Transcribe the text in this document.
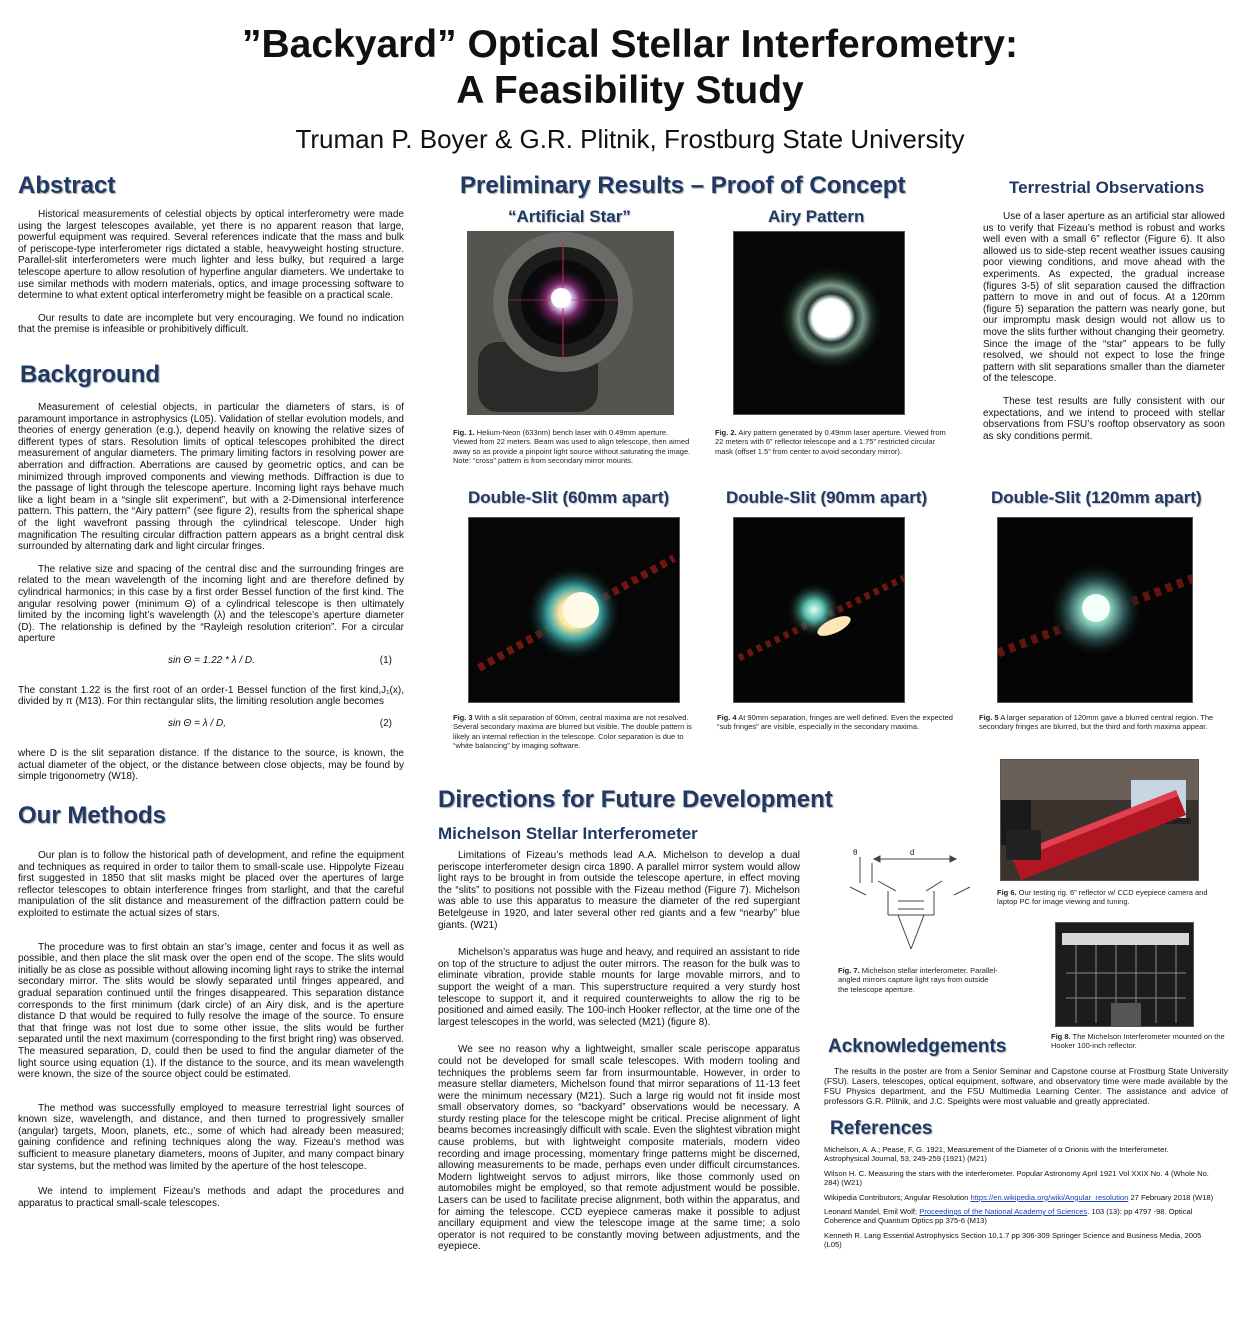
”Backyard” Optical Stellar Interferometry:
A Feasibility Study
Truman P. Boyer & G.R. Plitnik, Frostburg State University
Abstract

Historical measurements of celestial objects by optical interferometry were made using the largest telescopes available, yet there is no apparent reason that large, powerful equipment was required. Several references indicate that the mass and bulk of periscope-type interferometer rigs dictated a stable, heavyweight hosting structure. Parallel-slit interferometers were much lighter and less bulky, but required a large telescope aperture to allow resolution of hyperfine angular diameters. We undertake to use similar methods with modern materials, optics, and image processing software to determine to what extent optical interferometry might be feasible on a practical scale.

Our results to date are incomplete but very encouraging. We found no indication that the premise is infeasible or prohibitively difficult.

Background

Measurement of celestial objects, in particular the diameters of stars, is of paramount importance in astrophysics (L05). Validation of stellar evolution models, and theories of energy generation (e.g.), depend heavily on knowing the relative sizes of different types of stars. Resolution limits of optical telescopes prohibited the direct measurement of angular diameters. The primary limiting factors in resolving power are aberration and diffraction. Aberrations are caused by geometric optics, and can be minimized through improved components and viewing methods. Diffraction is due to the passage of light through the telescope aperture. Incoming light rays behave much like a light beam in a “single slit experiment”, but with a 2-Dimensional interference pattern. This pattern, the “Airy pattern” (see figure 2), results from the spherical shape of the light wavefront passing through the cylindrical telescope. Under high magnification The resulting circular diffraction pattern appears as a bright central disk surrounded by alternating dark and light circular fringes.

The relative size and spacing of the central disc and the surrounding fringes are related to the mean wavelength of the incoming light and are therefore defined by cylindrical harmonics; in this case by a first order Bessel function of the first kind. The angular resolving power (minimum Θ) of a cylindrical telescope is then ultimately limited by the incoming light’s wavelength (λ) and the telescope’s aperture diameter (D). The relationship is defined by the “Rayleigh resolution criterion”. For a circular aperture

sin Θ = 1.22 * λ / D.	(1)

The constant 1.22 is the first root of an order-1 Bessel function of the first kind,J₁(x), divided by π (M13). For thin rectangular slits, the limiting resolution angle becomes

sin Θ = λ / D,	(2)

where D is the slit separation distance. If the distance to the source, is known, the actual diameter of the object, or the distance between close objects, may be found by simple trigonometry (W18).

Our Methods

Our plan is to follow the historical path of development, and refine the equipment and techniques as required in order to tailor them to small-scale use. Hippolyte Fizeau first suggested in 1850 that slit masks might be placed over the apertures of large reflector telescopes to obtain interference fringes from starlight, and that the careful manipulation of the slit distance and measurement of the diffraction pattern could be exploited to estimate the actual sizes of stars.

The procedure was to first obtain an star’s image, center and focus it as well as possible, and then place the slit mask over the open end of the scope. The slits would initially be as close as possible without allowing incoming light rays to strike the internal secondary mirror. The slits would be slowly separated until fringes appeared, and gradual separation continued until the fringes disappeared. This separation distance corresponds to the first minimum (dark circle) of an Airy disk, and is the aperture distance D that would be required to fully resolve the image of the source. To ensure that that fringe was not lost due to some other issue, the slits would be further separated until the next maximum (corresponding to the first bright ring) was observed. The measured separation, D, could then be used to find the angular diameter of the light source using equation (1). If the distance to the source, and its mean wavelength were known, the size of the source object could be estimated.

The method was successfully employed to measure terrestrial light sources of known size, wavelength, and distance, and then turned to progressively smaller (angular) targets, Moon, planets, etc., some of which had already been measured; gaining confidence and refining techniques along the way. Fizeau’s method was sufficient to measure planetary diameters, moons of Jupiter, and many compact binary star systems, but the method was limited by the aperture of the host telescope.

We intend to implement Fizeau’s methods and adapt the procedures and apparatus to practical small-scale telescopes.

Preliminary Results – Proof of Concept
“Artificial Star”	Airy Pattern
Fig. 1. Helium-Neon (633nm) bench laser with 0.49mm aperture. Viewed from 22 meters. Beam was used to align telescope, then aimed away so as provide a pinpoint light source without saturating the image. Note: “cross” pattern is from secondary mirror mounts.
Fig. 2. Airy pattern generated by 0.49mm laser aperture. Viewed from 22 meters with 6” reflector telescope and a 1.75” restricted circular mask (offset 1.5” from center to avoid secondary mirror).
Double-Slit (60mm apart)	Double-Slit (90mm apart)	Double-Slit (120mm apart)
Fig. 3 With a slit separation of 60mm, central maxima are not resolved. Several secondary maxima are blurred but visible. The double pattern is likely an internal reflection in the telescope. Color separation is due to “white balancing” by imaging software.
Fig. 4 At 90mm separation, fringes are well defined. Even the expected “sub fringes” are visible, especially in the secondary maxima.
Fig. 5 A larger separation of 120mm gave a blurred central region. The secondary fringes are blurred, but the third and forth maxima appear.
Terrestrial Observations

Use of a laser aperture as an artificial star allowed us to verify that Fizeau’s method is robust and works well even with a small 6” reflector (Figure 6). It also allowed us to side-step recent weather issues causing poor viewing conditions, and move ahead with the experiments. As expected, the gradual increase (figures 3-5) of slit separation caused the diffraction pattern to move in and out of focus. At a 120mm (figure 5) separation the pattern was nearly gone, but our impromptu mask design would not allow us to move the slits further without changing their geometry. Since the image of the “star” appears to be fully resolved, we should not expect to lose the fringe pattern with slit separations smaller than the diameter of the telescope.

These test results are fully consistent with our expectations, and we intend to proceed with stellar observations from FSU’s rooftop observatory as soon as sky conditions permit.

Directions for Future Development
Michelson Stellar Interferometer

Limitations of Fizeau’s methods lead A.A. Michelson to develop a dual periscope interferometer design circa 1890. A parallel mirror system would allow light rays to be brought in from outside the telescope aperture, in effect moving the “slits” to positions not possible with the Fizeau method (Figure 7). Michelson was able to use this apparatus to measure the diameter of the red supergiant Betelgeuse in 1920, and later several other red giants and a few “nearby” blue giants. (W21)

Michelson’s apparatus was huge and heavy, and required an assistant to ride on top of the structure to adjust the outer mirrors. The reason for the bulk was to eliminate vibration, provide stable mounts for large movable mirrors, and to support the weight of a man. This superstructure required a very sturdy host telescope to support it, and it required counterweights to allow the rig to be positioned and aimed easily. The 100-inch Hooker reflector, at the time one of the largest telescopes in the world, was selected (M21) (figure 8).

We see no reason why a lightweight, smaller scale periscope apparatus could not be developed for small scale telescopes. With modern tooling and techniques the problems seem far from insurmountable. However, in order to measure stellar diameters, Michelson found that mirror separations of 11-13 feet were the minimum necessary (M21). Such a large rig would not fit inside most small observatory domes, so “backyard” observations would be necessary. A sturdy resting place for the telescope might be critical. Precise alignment of light beams becomes increasingly difficult with scale. Even the slightest vibration might cause problems, but with lightweight composite materials, modern video recording and image processing, momentary fringe patterns might be discerned, allowing measurements to be made, perhaps even under difficult circumstances. Modern lightweight servos to adjust mirrors, like those commonly used on automobiles might be employed, so that remote adjustment would be possible. Lasers can be used to facilitate precise alignment, both within the apparatus, and for aiming the telescope. CCD eyepiece cameras make it possible to adjust ancillary equipment and view the telescope image at the same time; a solo operator is not required to be constantly moving between adjustments, and the eyepiece.

θ	d
Fig. 7. Michelson stellar interferometer. Parallel-angled mirrors capture light rays from outside the telescope aperture.
Fig 6. Our testing rig. 6” reflector w/ CCD eyepiece camera and laptop PC for image viewing and tuning.
Fig 8. The Michelson Interferometer mounted on the Hooker 100-inch reflector.
Acknowledgements

The results in the poster are from a Senior Seminar and Capstone course at Frostburg State University (FSU). Lasers, telescopes, optical equipment, software, and observatory time were made available by the FSU Physics department, and the FSU Multimedia Learning Center. The assistance and advice of professors G.R. Plitnik, and J.C. Speights were most valuable and greatly appreciated.

References
Michelson, A. A.; Pease, F. G. 1921, Measurement of the Diameter of α Orionis with the Interferometer. Astrophysical Journal, 53, 249-259 (1921) (M21)
Wilson H. C. Measuring the stars with the interferometer. Popular Astronomy April 1921 Vol XXIX No. 4 (Whole No. 284) (W21)
Wikipedia Contributors; Angular Resolution https://en.wikipedia.org/wiki/Angular_resolution 27 February 2018 (W18)
Leonard Mandel, Emil Wolf; Proceedings of the National Academy of Sciences. 103 (13): pp 4797 -98. Optical Coherence and Quantum Optics pp 375-6 (M13)
Kenneth R. Lang Essential Astrophysics Section 10.1.7 pp 306-309 Springer Science and Business Media, 2005 (L05)
